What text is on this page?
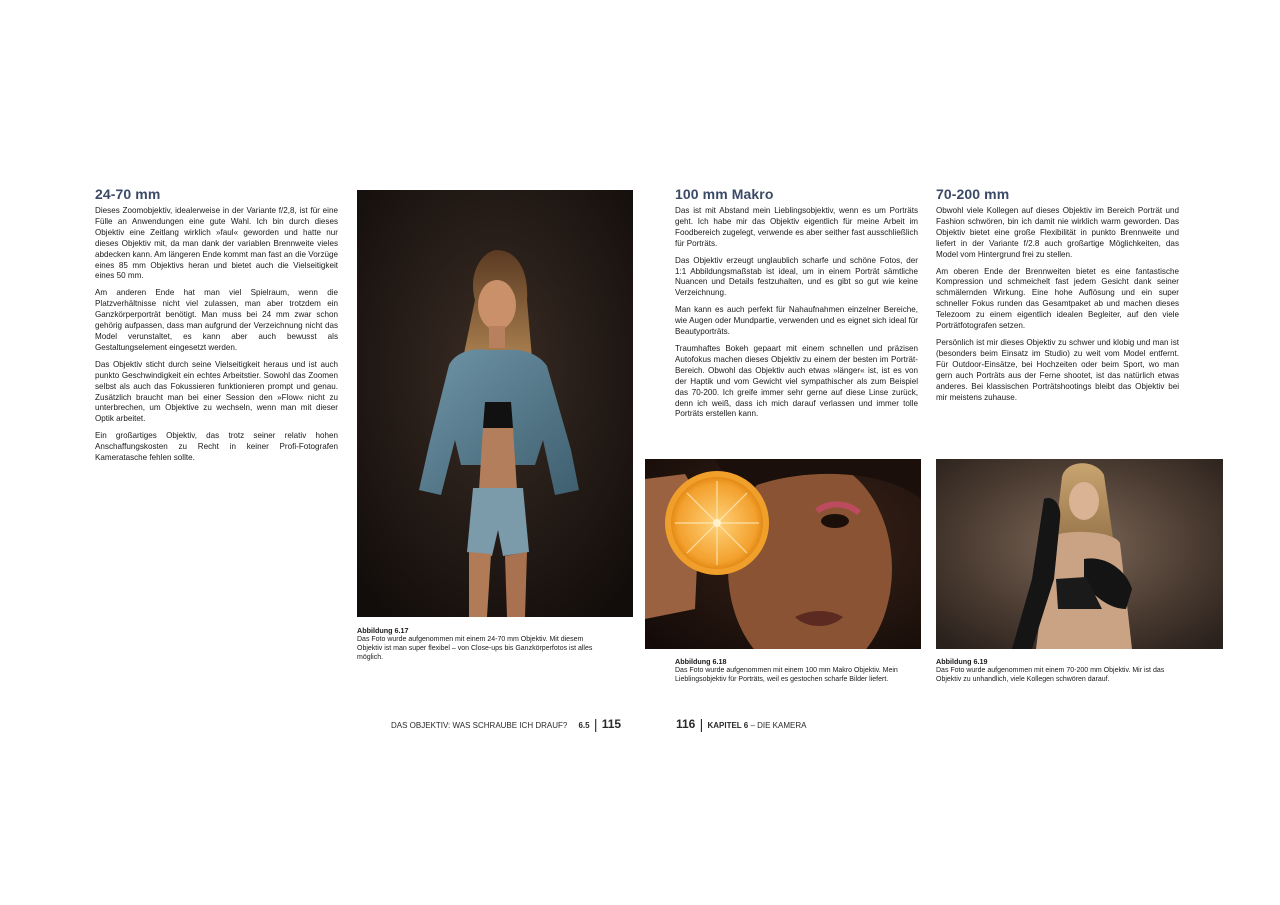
24-70 mm

Dieses Zoomobjektiv, idealerweise in der Variante f/2,8, ist für eine Fülle an Anwendungen eine gute Wahl. Ich bin durch dieses Objektiv eine Zeitlang wirklich »faul« geworden und hatte nur dieses Objektiv mit, da man dank der variablen Brennweite vieles abdecken kann. Am längeren Ende kommt man fast an die Vorzüge eines 85 mm Objektivs heran und bietet auch die Vielseitigkeit eines 50 mm.

Am anderen Ende hat man viel Spielraum, wenn die Platzverhältnisse nicht viel zulassen, man aber trotzdem ein Ganzkörperporträt benötigt. Man muss bei 24 mm zwar schon gehörig aufpassen, dass man aufgrund der Verzeichnung nicht das Model verunstaltet, es kann aber auch bewusst als Gestaltungselement eingesetzt werden.

Das Objektiv sticht durch seine Vielseitigkeit heraus und ist auch punkto Geschwindigkeit ein echtes Arbeitstier. Sowohl das Zoomen selbst als auch das Fokussieren funktionieren prompt und genau. Zusätzlich braucht man bei einer Session den »Flow« nicht zu unterbrechen, um Objektive zu wechseln, wenn man mit dieser Optik arbeitet.

Ein großartiges Objektiv, das trotz seiner relativ hohen Anschaffungskosten zu Recht in keiner Profi-Fotografen Kameratasche fehlen sollte.

Abbildung 6.17
Das Foto wurde aufgenommen mit einem 24-70 mm Objektiv. Mit diesem Objektiv ist man super flexibel – von Close-ups bis Ganzkörperfotos ist alles möglich.
100 mm Makro

Das ist mit Abstand mein Lieblingsobjektiv, wenn es um Porträts geht. Ich habe mir das Objektiv eigentlich für meine Arbeit im Foodbereich zugelegt, verwende es aber seither fast ausschließlich für Porträts.

Das Objektiv erzeugt unglaublich scharfe und schöne Fotos, der 1:1 Abbildungsmaßstab ist ideal, um in einem Porträt sämtliche Nuancen und Details festzuhalten, und es gibt so gut wie keine Verzeichnung.

Man kann es auch perfekt für Nahaufnahmen einzelner Bereiche, wie Augen oder Mundpartie, verwenden und es eignet sich ideal für Beautyporträts.

Traumhaftes Bokeh gepaart mit einem schnellen und präzisen Autofokus machen dieses Objektiv zu einem der besten im Porträt-Bereich. Obwohl das Objektiv auch etwas »länger« ist, ist es von der Haptik und vom Gewicht viel sympathischer als zum Beispiel das 70-200. Ich greife immer sehr gerne auf diese Linse zurück, denn ich weiß, dass ich mich darauf verlassen und immer tolle Porträts erstellen kann.

70-200 mm

Obwohl viele Kollegen auf dieses Objektiv im Bereich Porträt und Fashion schwören, bin ich damit nie wirklich warm geworden. Das Objektiv bietet eine große Flexibilität in punkto Brennweite und liefert in der Variante f/2.8 auch großartige Möglichkeiten, das Model vom Hintergrund frei zu stellen.

Am oberen Ende der Brennweiten bietet es eine fantastische Kompression und schmeichelt fast jedem Gesicht dank seiner schmälernden Wirkung. Eine hohe Auflösung und ein super schneller Fokus runden das Gesamtpaket ab und machen dieses Telezoom zu einem eigentlich idealen Begleiter, auf den viele Porträtfotografen setzen.

Persönlich ist mir dieses Objektiv zu schwer und klobig und man ist (besonders beim Einsatz im Studio) zu weit vom Model entfernt. Für Outdoor-Einsätze, bei Hochzeiten oder beim Sport, wo man gern auch Porträts aus der Ferne shootet, ist das natürlich etwas anderes. Bei klassischen Porträtshootings bleibt das Objektiv bei mir meistens zuhause.

Abbildung 6.18
Das Foto wurde aufgenommen mit einem 100 mm Makro Objektiv. Mein Lieblingsobjektiv für Porträts, weil es gestochen scharfe Bilder liefert.
Abbildung 6.19
Das Foto wurde aufgenommen mit einem 70-200 mm Objektiv. Mir ist das Objektiv zu unhandlich, viele Kollegen schwören darauf.
DAS OBJEKTIV: WAS SCHRAUBE ICH DRAUF? 6.5 | 115	116 | KAPITEL 6 – DIE KAMERA
